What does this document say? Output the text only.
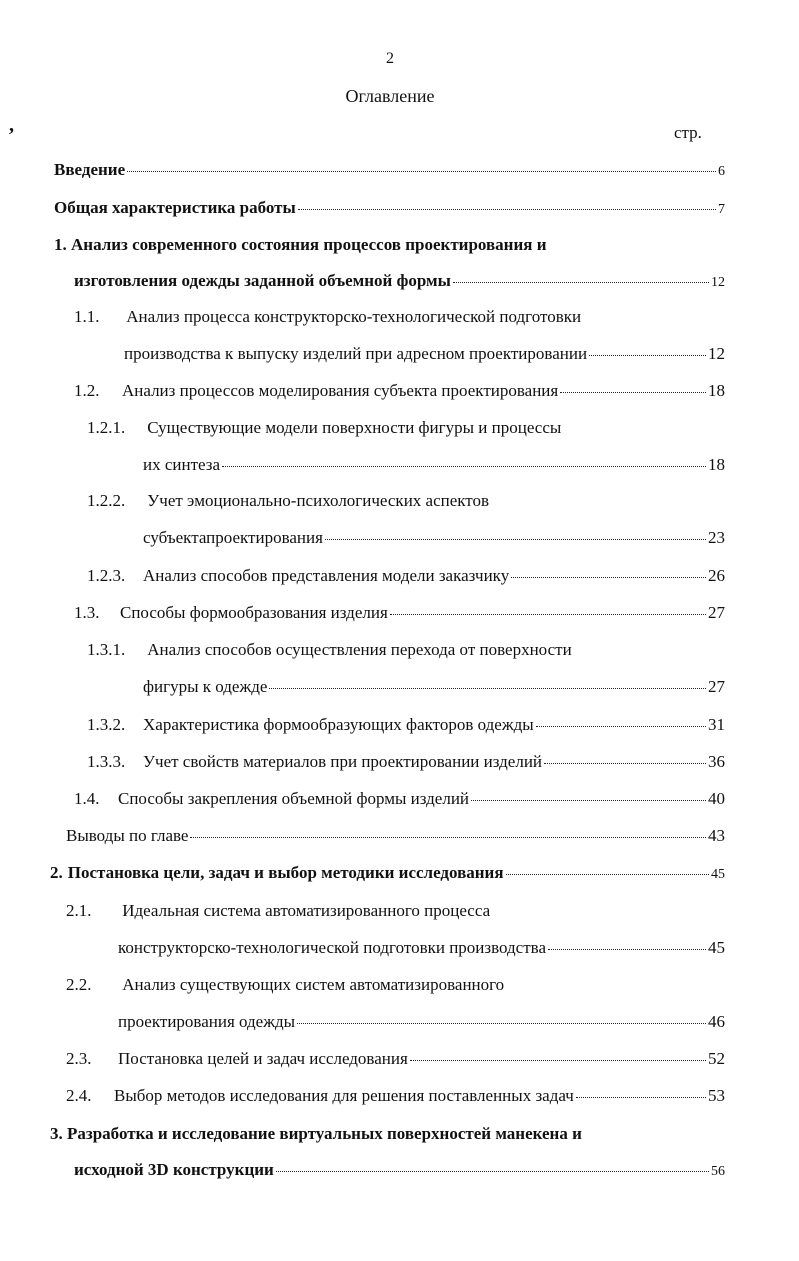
2
Оглавление
,	стр.
Введение	6
Общая характеристика работы	7
1. Анализ современного состояния процессов проектирования и
изготовления одежды заданной объемной формы	12
1.1. Анализ процесса конструкторско-технологической подготовки
производства к выпуску изделий при адресном проектировании	12
1.2.	Анализ процессов моделирования субъекта проектирования	18
1.2.1. Существующие модели поверхности фигуры и процессы
их синтеза	18
1.2.2. Учет эмоционально-психологических аспектов
субъектапроектирования	23
1.2.3.	Анализ способов представления модели заказчику	26
1.3.	Способы формообразования изделия	27
1.3.1. Анализ способов осуществления перехода от поверхности
фигуры к одежде	27
1.3.2.	Характеристика формообразующих факторов одежды	31
1.3.3.	Учет свойств материалов при проектировании изделий	36
1.4.	Способы закрепления объемной формы изделий	40
Выводы по главе	43
2. Постановка цели, задач и выбор методики исследования	45
2.1. Идеальная система автоматизированного процесса
конструкторско-технологической подготовки производства	45
2.2. Анализ существующих систем автоматизированного
проектирования одежды	46
2.3.	Постановка целей и задач исследования	52
2.4.	Выбор методов исследования для решения поставленных задач	53
3. Разработка и исследование виртуальных поверхностей манекена и
исходной 3D конструкции	56
